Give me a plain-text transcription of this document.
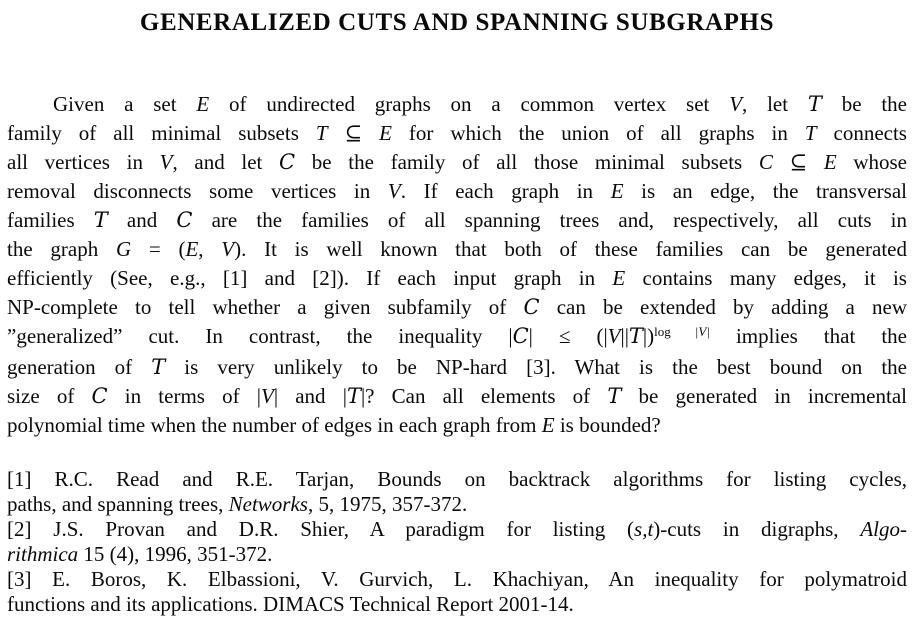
GENERALIZED CUTS AND SPANNING SUBGRAPHS
Given a set E of undirected graphs on a common vertex set V, let T be the
family of all minimal subsets T ⊆ E for which the union of all graphs in T connects
all vertices in V, and let C be the family of all those minimal subsets C ⊆ E whose
removal disconnects some vertices in V. If each graph in E is an edge, the transversal
families T and C are the families of all spanning trees and, respectively, all cuts in
the graph G = (E, V). It is well known that both of these families can be generated
efficiently (See, e.g., [1] and [2]). If each input graph in E contains many edges, it is
NP-complete to tell whether a given subfamily of C can be extended by adding a new
”generalized” cut. In contrast, the inequality $|C| \le (|V||T|)^{log}$ $^{|V|}$ implies that the
generation of T is very unlikely to be NP-hard [3]. What is the best bound on the
size of C in terms of |V| and |T|? Can all elements of T be generated in incremental
polynomial time when the number of edges in each graph from E is bounded?
[1] R.C. Read and R.E. Tarjan, Bounds on backtrack algorithms for listing cycles,
paths, and spanning trees, Networks, 5, 1975, 357-372.
[2] J.S. Provan and D.R. Shier, A paradigm for listing (s,t)-cuts in digraphs, Algo-
rithmica 15 (4), 1996, 351-372.
[3] E. Boros, K. Elbassioni, V. Gurvich, L. Khachiyan, An inequality for polymatroid
functions and its applications. DIMACS Technical Report 2001-14.
